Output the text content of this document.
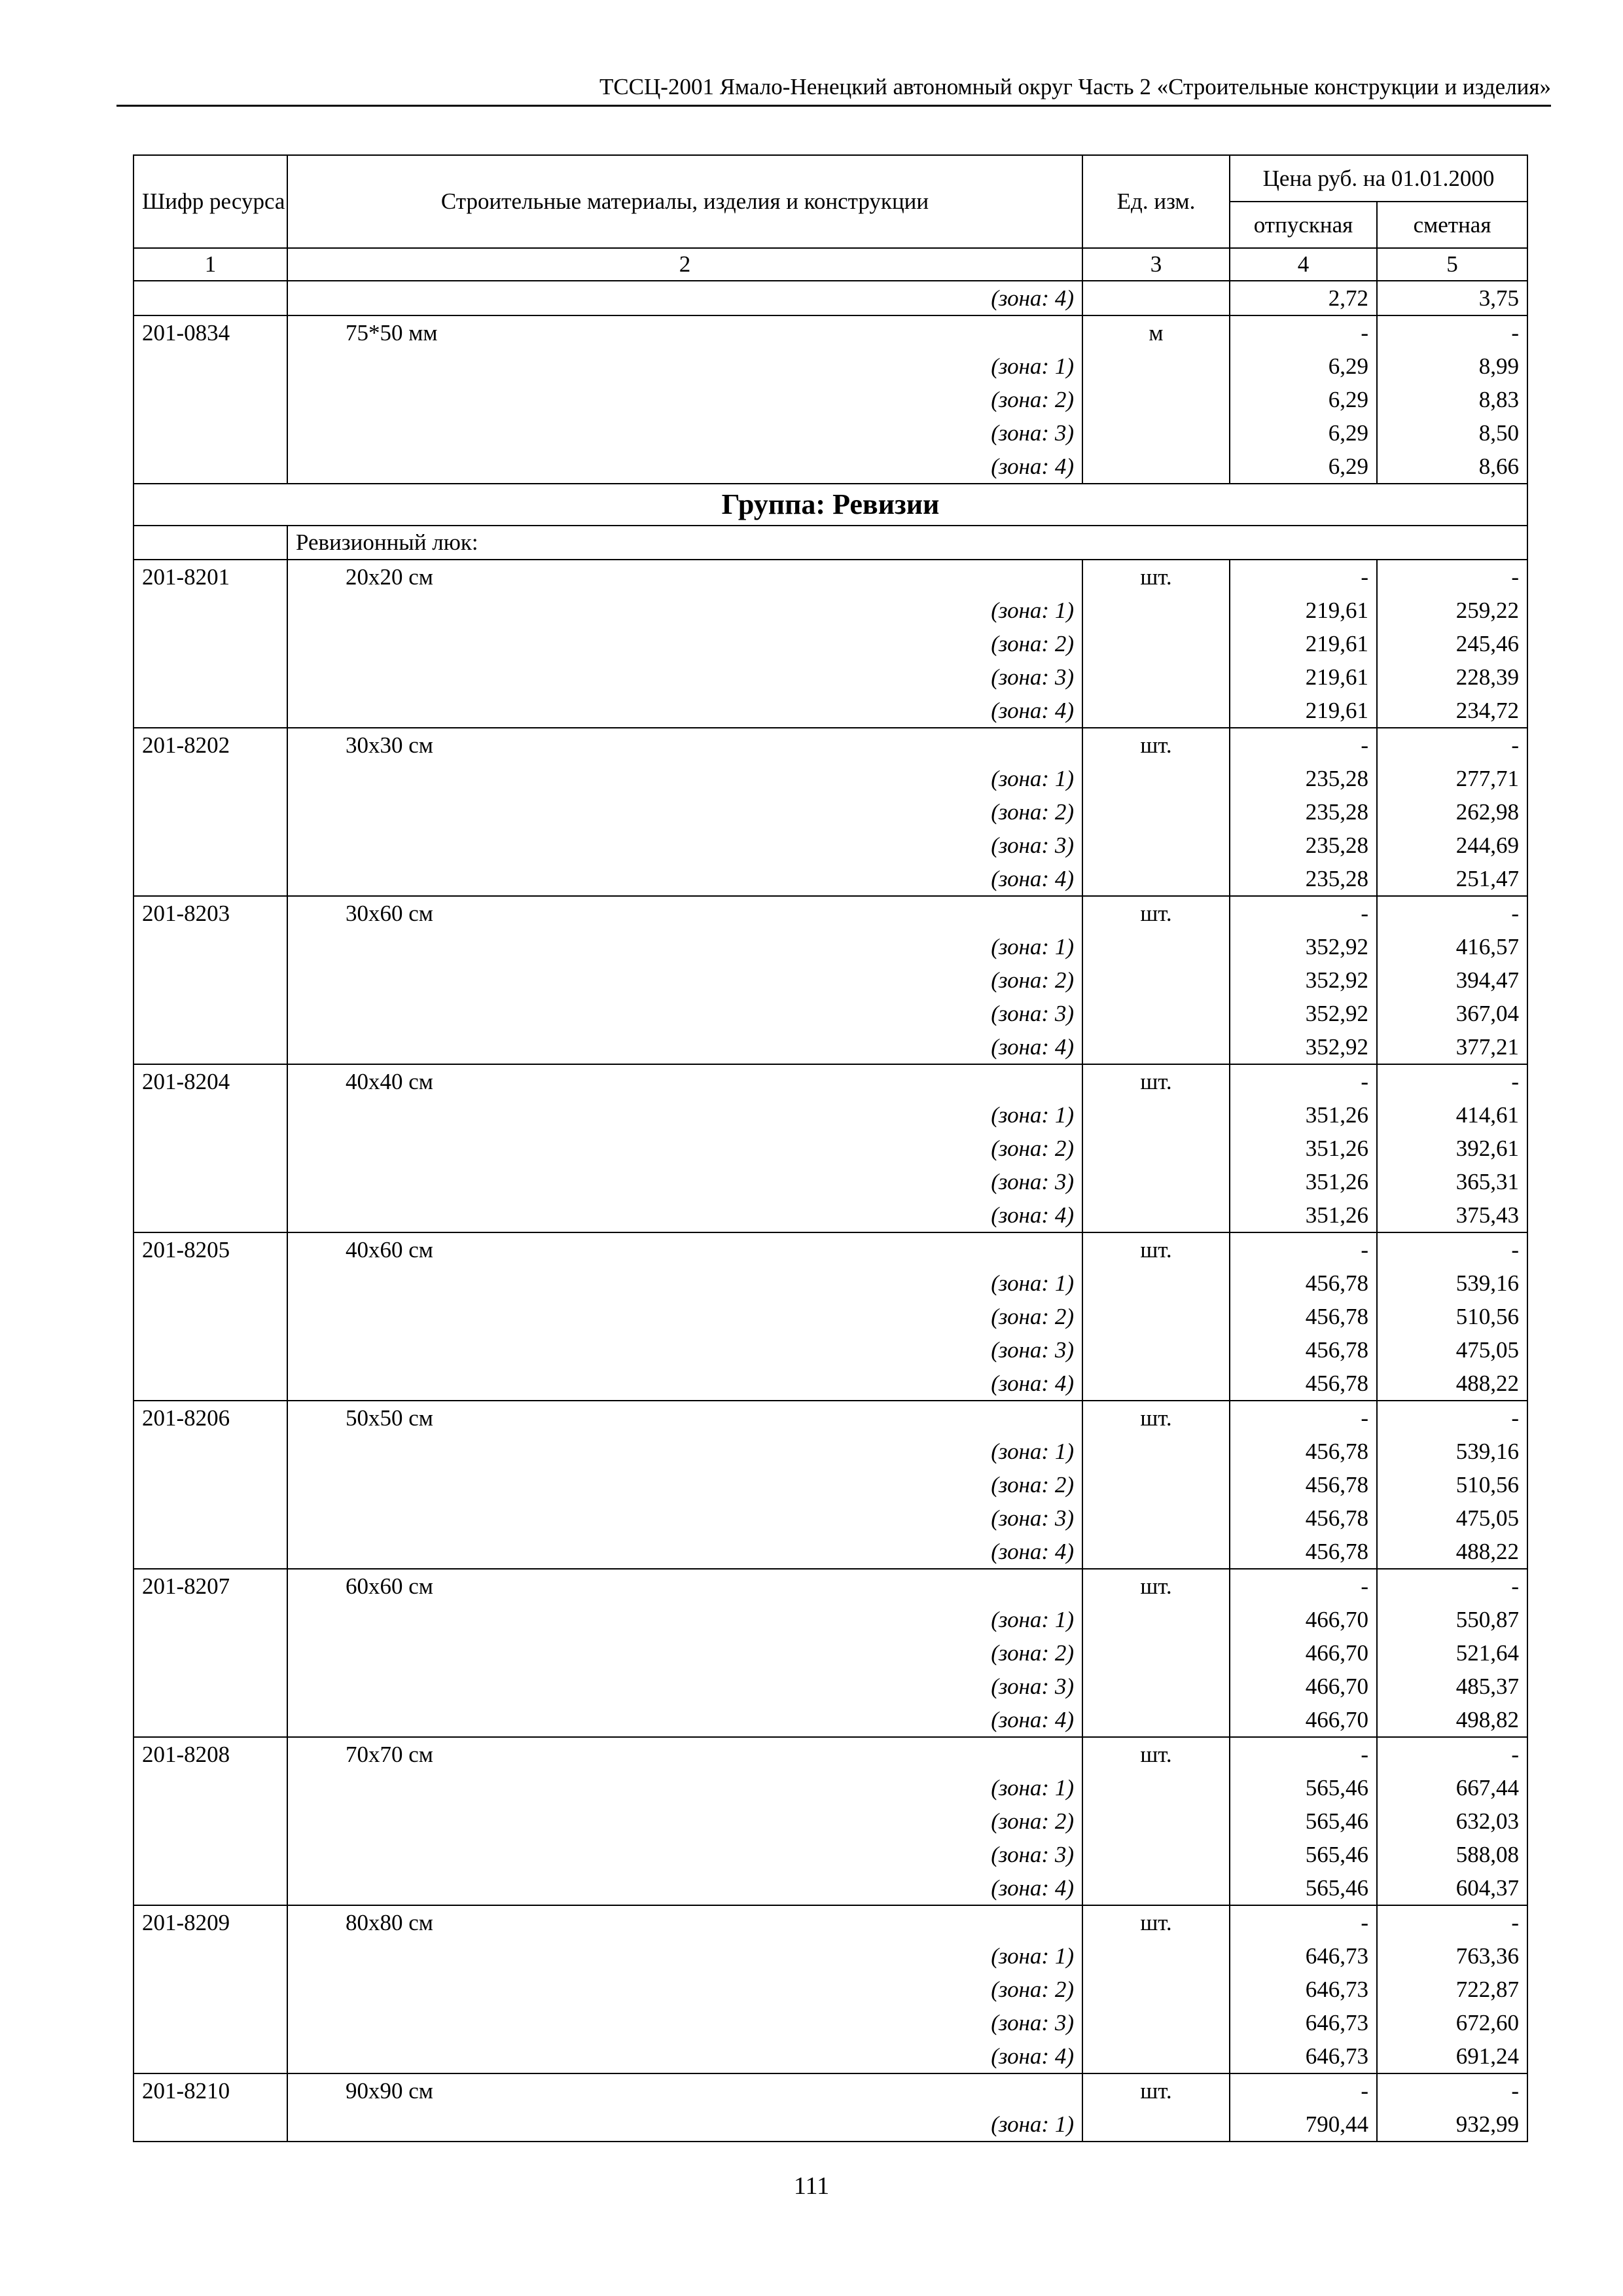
ТССЦ-2001 Ямало-Ненецкий автономный округ Часть 2 «Строительные конструкции и изделия»
Шифр ресурса	Строительные материалы, изделия и конструкции	Ед. изм.	Цена руб. на 01.01.2000	
			отпускная	сметная
1	2	3	4	5
	(зона: 4)		2,72	3,75
201-0834	75*50 мм	м	-	-
	(зона: 1)		6,29	8,99
	(зона: 2)		6,29	8,83
	(зона: 3)		6,29	8,50
	(зона: 4)		6,29	8,66
Группа: Ревизии				
	Ревизионный люк:			
201-8201	20х20 см	шт.	-	-
	(зона: 1)		219,61	259,22
	(зона: 2)		219,61	245,46
	(зона: 3)		219,61	228,39
	(зона: 4)		219,61	234,72
201-8202	30х30 см	шт.	-	-
	(зона: 1)		235,28	277,71
	(зона: 2)		235,28	262,98
	(зона: 3)		235,28	244,69
	(зона: 4)		235,28	251,47
201-8203	30х60 см	шт.	-	-
	(зона: 1)		352,92	416,57
	(зона: 2)		352,92	394,47
	(зона: 3)		352,92	367,04
	(зона: 4)		352,92	377,21
201-8204	40х40 см	шт.	-	-
	(зона: 1)		351,26	414,61
	(зона: 2)		351,26	392,61
	(зона: 3)		351,26	365,31
	(зона: 4)		351,26	375,43
201-8205	40х60 см	шт.	-	-
	(зона: 1)		456,78	539,16
	(зона: 2)		456,78	510,56
	(зона: 3)		456,78	475,05
	(зона: 4)		456,78	488,22
201-8206	50х50 см	шт.	-	-
	(зона: 1)		456,78	539,16
	(зона: 2)		456,78	510,56
	(зона: 3)		456,78	475,05
	(зона: 4)		456,78	488,22
201-8207	60х60 см	шт.	-	-
	(зона: 1)		466,70	550,87
	(зона: 2)		466,70	521,64
	(зона: 3)		466,70	485,37
	(зона: 4)		466,70	498,82
201-8208	70х70 см	шт.	-	-
	(зона: 1)		565,46	667,44
	(зона: 2)		565,46	632,03
	(зона: 3)		565,46	588,08
	(зона: 4)		565,46	604,37
201-8209	80х80 см	шт.	-	-
	(зона: 1)		646,73	763,36
	(зона: 2)		646,73	722,87
	(зона: 3)		646,73	672,60
	(зона: 4)		646,73	691,24
201-8210	90х90 см	шт.	-	-
	(зона: 1)		790,44	932,99
111
